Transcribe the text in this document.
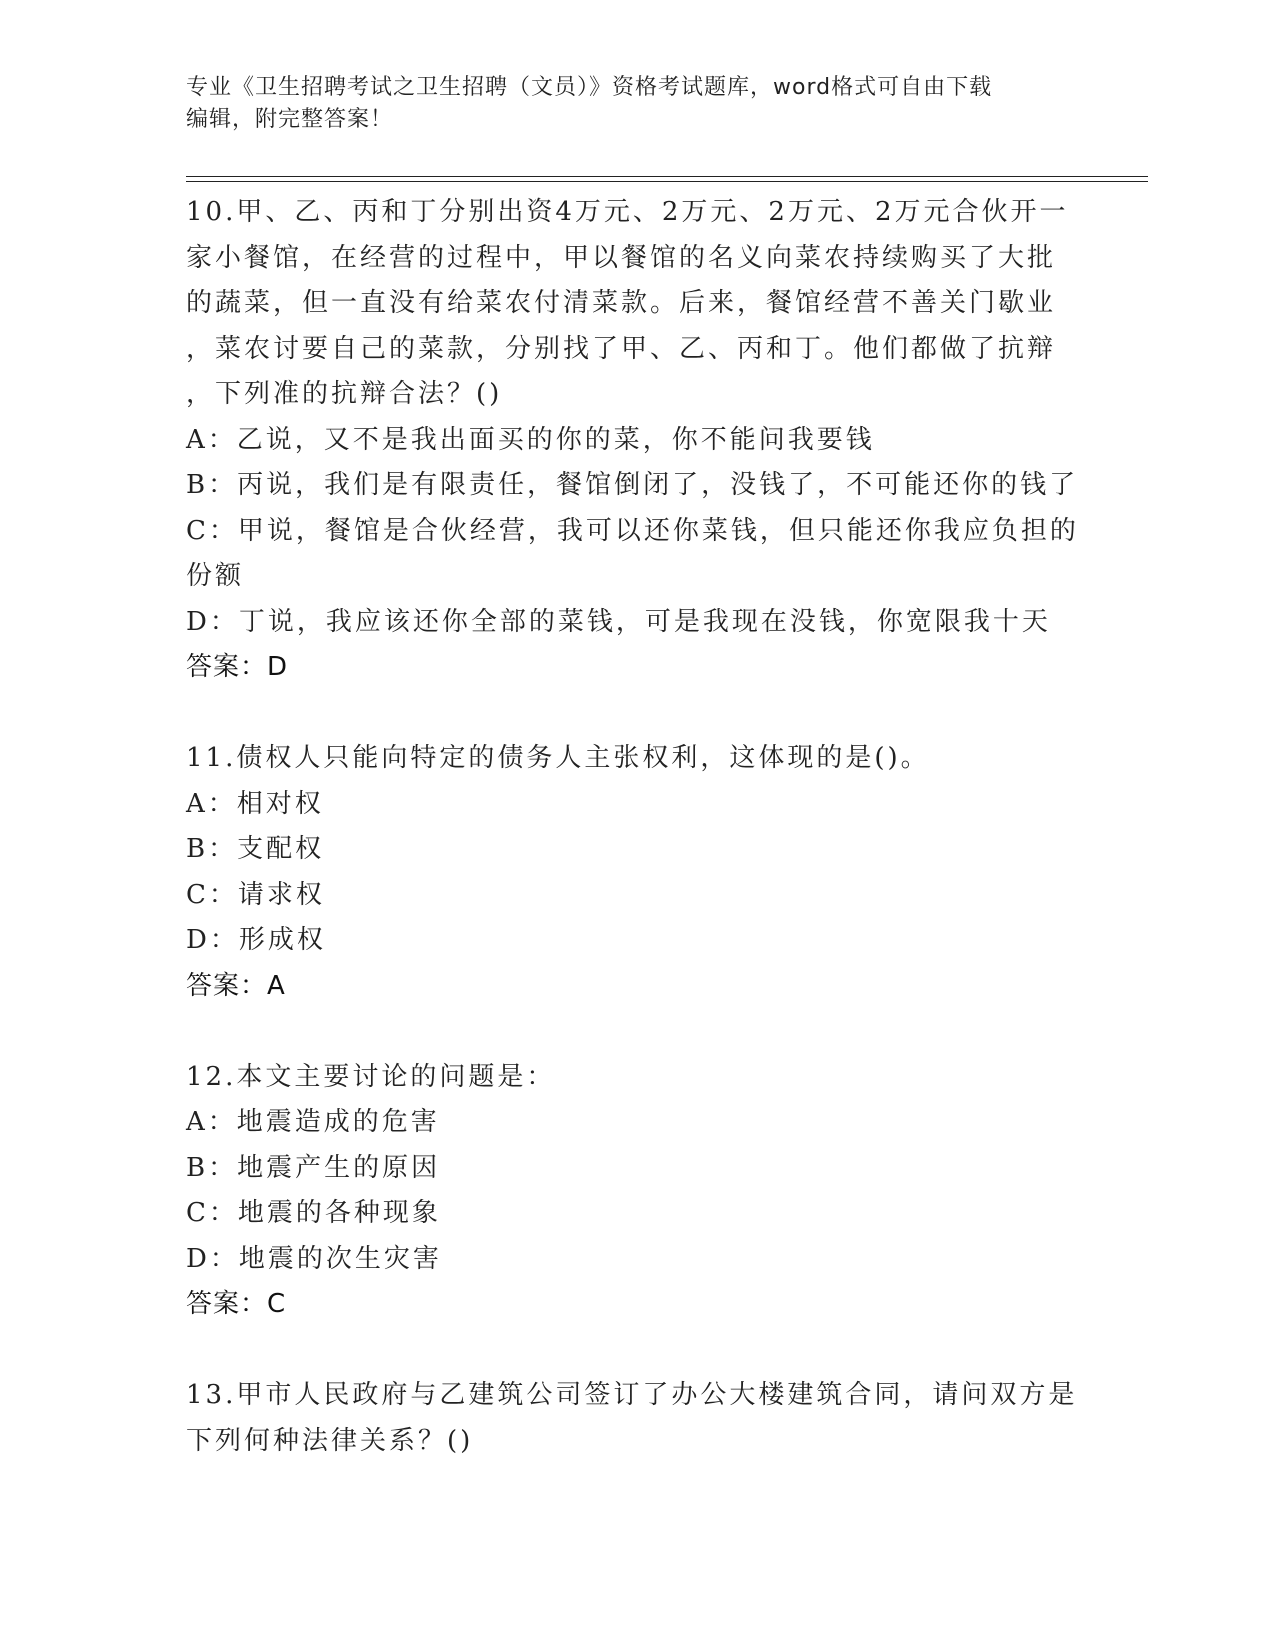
专业《卫生招聘考试之卫生招聘（文员）》资格考试题库，word格式可自由下载
编辑，附完整答案！
10.甲、乙、丙和丁分别出资4万元、2万元、2万元、2万元合伙开一
家小餐馆，在经营的过程中，甲以餐馆的名义向菜农持续购买了大批
的蔬菜，但一直没有给菜农付清菜款。后来，餐馆经营不善关门歇业
，菜农讨要自己的菜款，分别找了甲、乙、丙和丁。他们都做了抗辩
，下列准的抗辩合法？()
A：乙说，又不是我出面买的你的菜，你不能问我要钱
B：丙说，我们是有限责任，餐馆倒闭了，没钱了，不可能还你的钱了
C：甲说，餐馆是合伙经营，我可以还你菜钱，但只能还你我应负担的
份额
D：丁说，我应该还你全部的菜钱，可是我现在没钱，你宽限我十天
答案：D
11.债权人只能向特定的债务人主张权利，这体现的是()。
A：相对权
B：支配权
C：请求权
D：形成权
答案：A
12.本文主要讨论的问题是：
A：地震造成的危害
B：地震产生的原因
C：地震的各种现象
D：地震的次生灾害
答案：C
13.甲市人民政府与乙建筑公司签订了办公大楼建筑合同，请问双方是
下列何种法律关系？()
